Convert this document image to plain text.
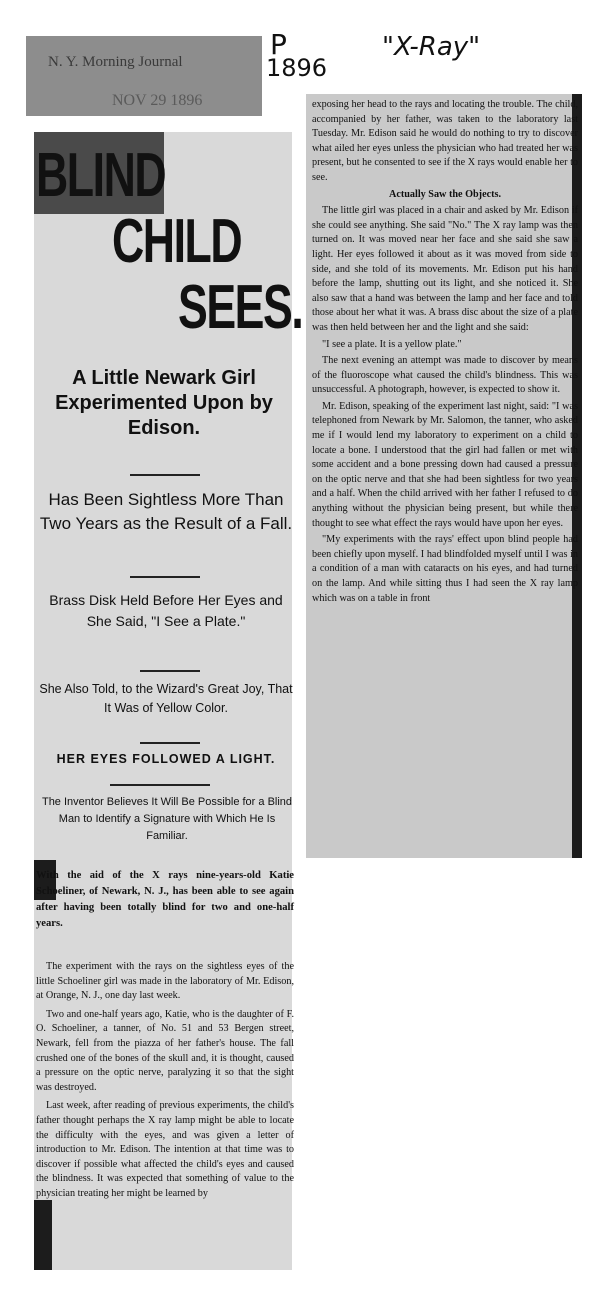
N. Y. Morning Journal
NOV 29 1896
P
1896
"X-Ray"
BLIND
CHILD
SEES.
A Little Newark Girl Experimented Upon by Edison.
Has Been Sightless More Than Two Years as the Result of a Fall.
Brass Disk Held Before Her Eyes and She Said, "I See a Plate."
She Also Told, to the Wizard's Great Joy, That It Was of Yellow Color.
HER EYES FOLLOWED A LIGHT.
The Inventor Believes It Will Be Possible for a Blind Man to Identify a Signature with Which He Is Familiar.
With the aid of the X rays nine-years-old Katie Schoeliner, of Newark, N. J., has been able to see again after having been totally blind for two and one-half years.

The experiment with the rays on the sightless eyes of the little Schoeliner girl was made in the laboratory of Mr. Edison, at Orange, N. J., one day last week.

Two and one-half years ago, Katie, who is the daughter of F. O. Schoeliner, a tanner, of No. 51 and 53 Bergen street, Newark, fell from the piazza of her father's house. The fall crushed one of the bones of the skull and, it is thought, caused a pressure on the optic nerve, paralyzing it so that the sight was destroyed.

Last week, after reading of previous experiments, the child's father thought perhaps the X ray lamp might be able to locate the difficulty with the eyes, and was given a letter of introduction to Mr. Edison. The intention at that time was to discover if possible what affected the child's eyes and caused the blindness. It was expected that something of value to the physician treating her might be learned by

exposing her head to the rays and locating the trouble. The child, accompanied by her father, was taken to the laboratory last Tuesday. Mr. Edison said he would do nothing to try to discover what ailed her eyes unless the physician who had treated her was present, but he consented to see if the X rays would enable her to see.

Actually Saw the Objects.

The little girl was placed in a chair and asked by Mr. Edison if she could see anything. She said "No." The X ray lamp was then turned on. It was moved near her face and she said she saw a light. Her eyes followed it about as it was moved from side to side, and she told of its movements. Mr. Edison put his hand before the lamp, shutting out its light, and she noticed it. She also saw that a hand was between the lamp and her face and told those about her what it was. A brass disc about the size of a plate was then held between her and the light and she said:

"I see a plate. It is a yellow plate."

The next evening an attempt was made to discover by means of the fluoroscope what caused the child's blindness. This was unsuccessful. A photograph, however, is expected to show it.

Mr. Edison, speaking of the experiment last night, said: "I was telephoned from Newark by Mr. Salomon, the tanner, who asked me if I would lend my laboratory to experiment on a child to locate a bone. I understood that the girl had fallen or met with some accident and a bone pressing down had caused a pressure on the optic nerve and that she had been sightless for two years and a half. When the child arrived with her father I refused to do anything without the physician being present, but while there thought to see what effect the rays would have upon her eyes.

"My experiments with the rays' effect upon blind people had been chiefly upon myself. I had blindfolded myself until I was in a condition of a man with cataracts on his eyes, and had turned on the lamp. And while sitting thus I had seen the X ray lamp which was on a table in front
